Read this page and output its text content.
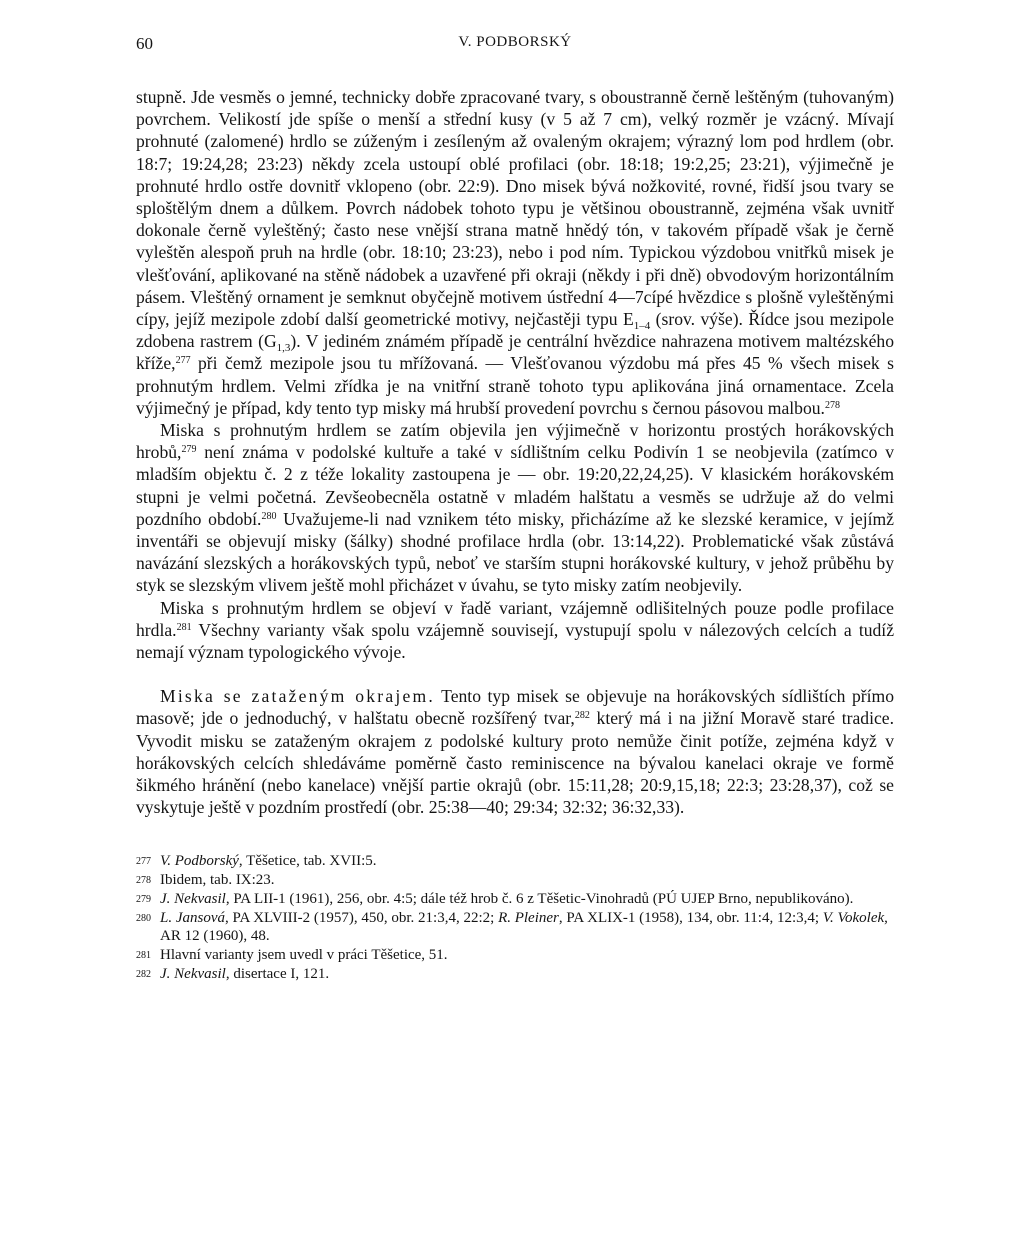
60	V. PODBORSKÝ

stupně. Jde vesměs o jemné, technicky dobře zpracované tvary, s oboustranně černě leštěným (tuhovaným) povrchem. Velikostí jde spíše o menší a střední kusy (v 5 až 7 cm), velký rozměr je vzácný. Mívají prohnuté (zalomené) hrdlo se zúženým i zesíleným až ovaleným okrajem; výrazný lom pod hrdlem (obr. 18:7; 19:24,28; 23:23) někdy zcela ustoupí oblé profilaci (obr. 18:18; 19:2,25; 23:21), výjimečně je prohnuté hrdlo ostře dovnitř vklopeno (obr. 22:9). Dno misek bývá nožkovité, rovné, řidší jsou tvary se sploštělým dnem a důlkem. Povrch nádobek tohoto typu je většinou oboustranně, zejména však uvnitř dokonale černě vyleštěný; často nese vnější strana matně hnědý tón, v takovém případě však je černě vyleštěn alespoň pruh na hrdle (obr. 18:10; 23:23), nebo i pod ním. Typickou výzdobou vnitřků misek je vlešťování, aplikované na stěně nádobek a uzavřené při okraji (někdy i při dně) obvodovým horizontálním pásem. Vleštěný ornament je semknut obyčejně motivem ústřední 4—7cípé hvězdice s plošně vyleštěnými cípy, jejíž mezipole zdobí další geometrické motivy, nejčastěji typu $E_{1-4}$ (srov. výše). Řídce jsou mezipole zdobena rastrem $(G_{1,3})$. V jediném známém případě je centrální hvězdice nahrazena motivem maltézského kříže,$^{277}$ při čemž mezipole jsou tu mřížovaná. — Vlešťovanou výzdobu má přes 45 % všech misek s prohnutým hrdlem. Velmi zřídka je na vnitřní straně tohoto typu aplikována jiná ornamentace. Zcela výjimečný je případ, kdy tento typ misky má hrubší provedení povrchu s černou pásovou malbou.$^{278}$

Miska s prohnutým hrdlem se zatím objevila jen výjimečně v horizontu prostých horákovských hrobů,$^{279}$ není známa v podolské kultuře a také v sídlištním celku Podivín 1 se neobjevila (zatímco v mladším objektu č. 2 z téže lokality zastoupena je — obr. 19:20,22,24,25). V klasickém horákovském stupni je velmi početná. Zevšeobecněla ostatně v mladém halštatu a vesměs se udržuje až do velmi pozdního období.$^{280}$ Uvažujeme-li nad vznikem této misky, přicházíme až ke slezské keramice, v jejímž inventáři se objevují misky (šálky) shodné profilace hrdla (obr. 13:14,22). Problematické však zůstává navázání slezských a horákovských typů, neboť ve starším stupni horákovské kultury, v jehož průběhu by styk se slezským vlivem ještě mohl přicházet v úvahu, se tyto misky zatím neobjevily.

Miska s prohnutým hrdlem se objeví v řadě variant, vzájemně odlišitelných pouze podle profilace hrdla.$^{281}$ Všechny varianty však spolu vzájemně souvisejí, vystupují spolu v nálezových celcích a tudíž nemají význam typologického vývoje.

Miska se zataženým okrajem. Tento typ misek se objevuje na horákovských sídlištích přímo masově; jde o jednoduchý, v halštatu obecně rozšířený tvar,$^{282}$ který má i na jižní Moravě staré tradice. Vyvodit misku se zataženým okrajem z podolské kultury proto nemůže činit potíže, zejména když v horákovských celcích shledáváme poměrně často reminiscence na bývalou kanelaci okraje ve formě šikmého hránění (nebo kanelace) vnější partie okrajů (obr. 15:11,28; 20:9,15,18; 22:3; 23:28,37), což se vyskytuje ještě v pozdním prostředí (obr. 25:38—40; 29:34; 32:32; 36:32,33).

277 V. Podborský, Těšetice, tab. XVII:5.
278 Ibidem, tab. IX:23.
279 J. Nekvasil, PA LII-1 (1961), 256, obr. 4:5; dále též hrob č. 6 z Těšetic-Vinohradů (PÚ UJEP Brno, nepublikováno).
280 L. Jansová, PA XLVIII-2 (1957), 450, obr. 21:3,4, 22:2; R. Pleiner, PA XLIX-1 (1958), 134, obr. 11:4, 12:3,4; V. Vokolek, AR 12 (1960), 48.
281 Hlavní varianty jsem uvedl v práci Těšetice, 51.
282 J. Nekvasil, disertace I, 121.
